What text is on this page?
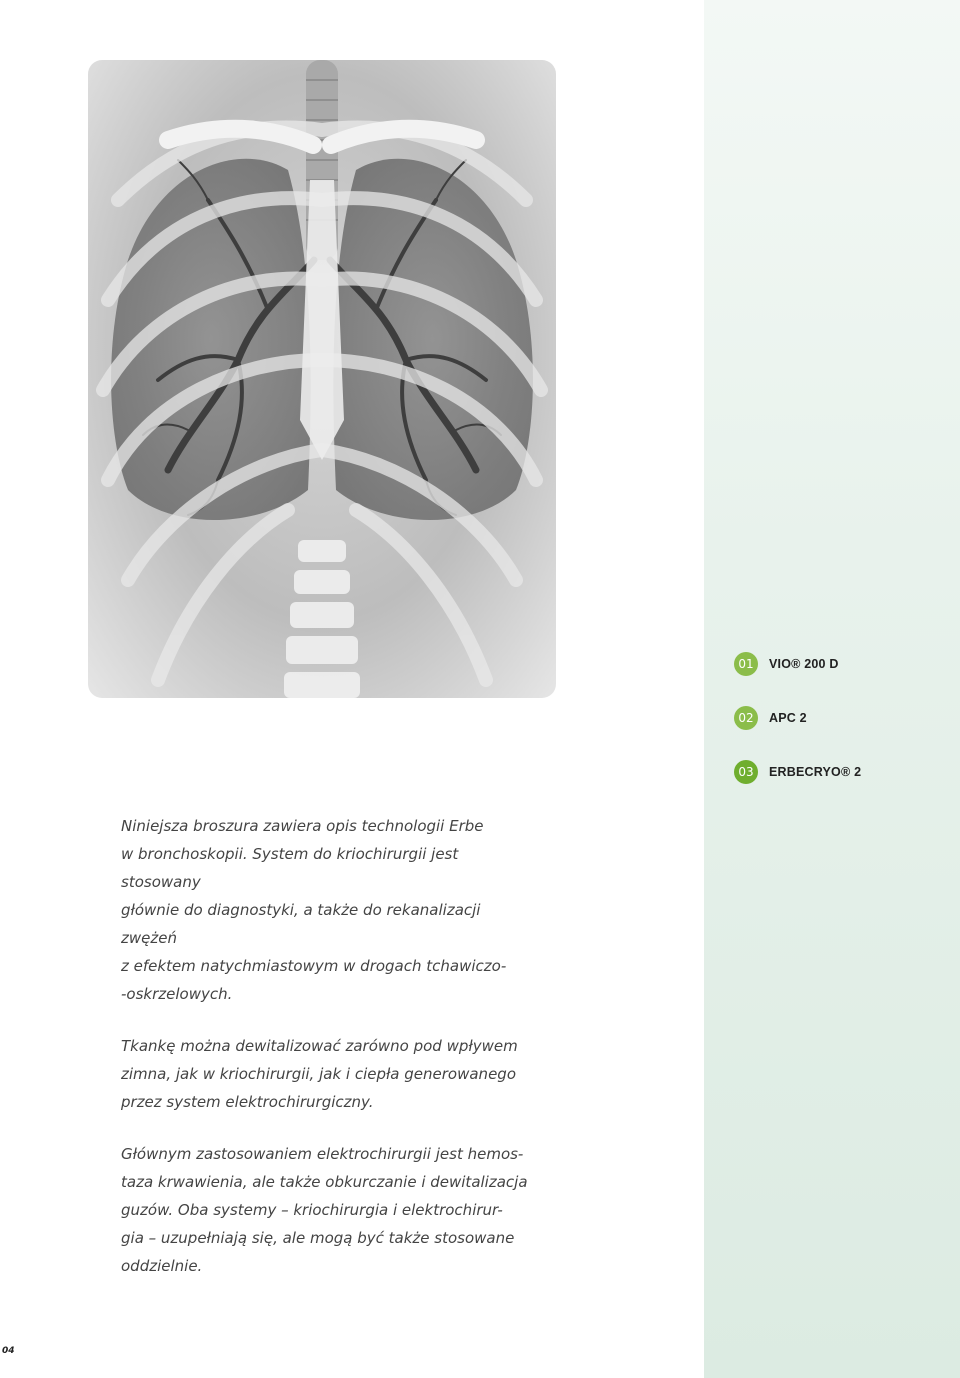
01	VIO® 200 D
02	APC 2
03	ERBECRYO® 2

Niniejsza broszura zawiera opis technologii Erbe
w bronchoskopii. System do kriochirurgii jest stosowany
głównie do diagnostyki, a także do rekanalizacji zwężeń
z efektem natychmiastowym w drogach tchawiczo-
-oskrzelowych.

Tkankę można dewitalizować zarówno pod wpływem
zimna, jak w kriochirurgii, jak i ciepła generowanego
przez system elektrochirurgiczny.

Głównym zastosowaniem elektrochirurgii jest hemos-
taza krwawienia, ale także obkurczanie i dewitalizacja
guzów. Oba systemy – kriochirurgia i elektrochirur-
gia – uzupełniają się, ale mogą być także stosowane
oddzielnie.

04
